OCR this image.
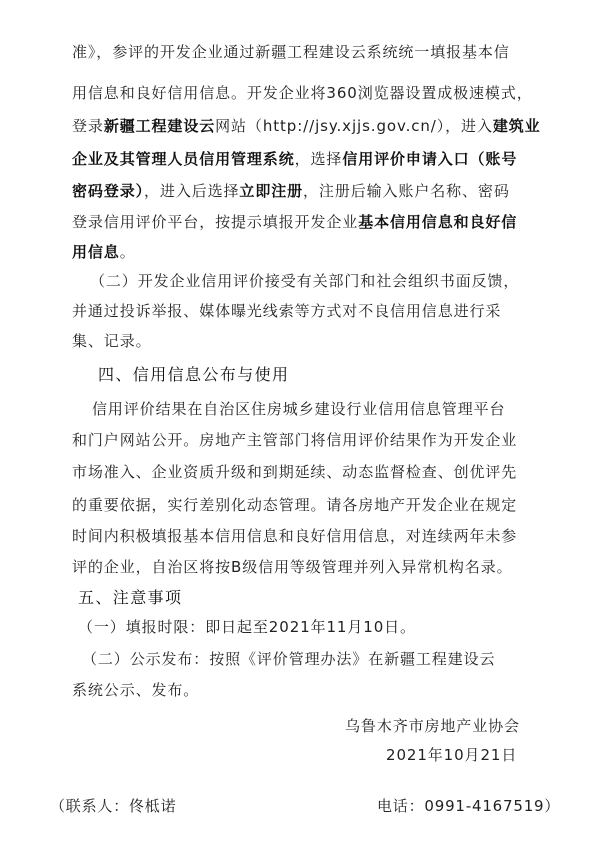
准》，参评的开发企业通过新疆工程建设云系统统一填报基本信
用信息和良好信用信息。开发企业将360浏览器设置成极速模式，
登录新疆工程建设云网站（http://jsy.xjjs.gov.cn/），进入建筑业
企业及其管理人员信用管理系统，选择信用评价申请入口（账号
密码登录），进入后选择立即注册，注册后输入账户名称、密码
登录信用评价平台，按提示填报开发企业基本信用信息和良好信
用信息。
（二）开发企业信用评价接受有关部门和社会组织书面反馈，
并通过投诉举报、媒体曝光线索等方式对不良信用信息进行采
集、记录。
四、信用信息公布与使用
信用评价结果在自治区住房城乡建设行业信用信息管理平台
和门户网站公开。房地产主管部门将信用评价结果作为开发企业
市场准入、企业资质升级和到期延续、动态监督检查、创优评先
的重要依据，实行差别化动态管理。请各房地产开发企业在规定
时间内积极填报基本信用信息和良好信用信息，对连续两年未参
评的企业，自治区将按B级信用等级管理并列入异常机构名录。
五、注意事项
（一）填报时限：即日起至2021年11月10日。
（二）公示发布：按照《评价管理办法》在新疆工程建设云
系统公示、发布。
乌鲁木齐市房地产业协会
2021年10月21日
（联系人：佟柢诺	电话：0991-4167519）
